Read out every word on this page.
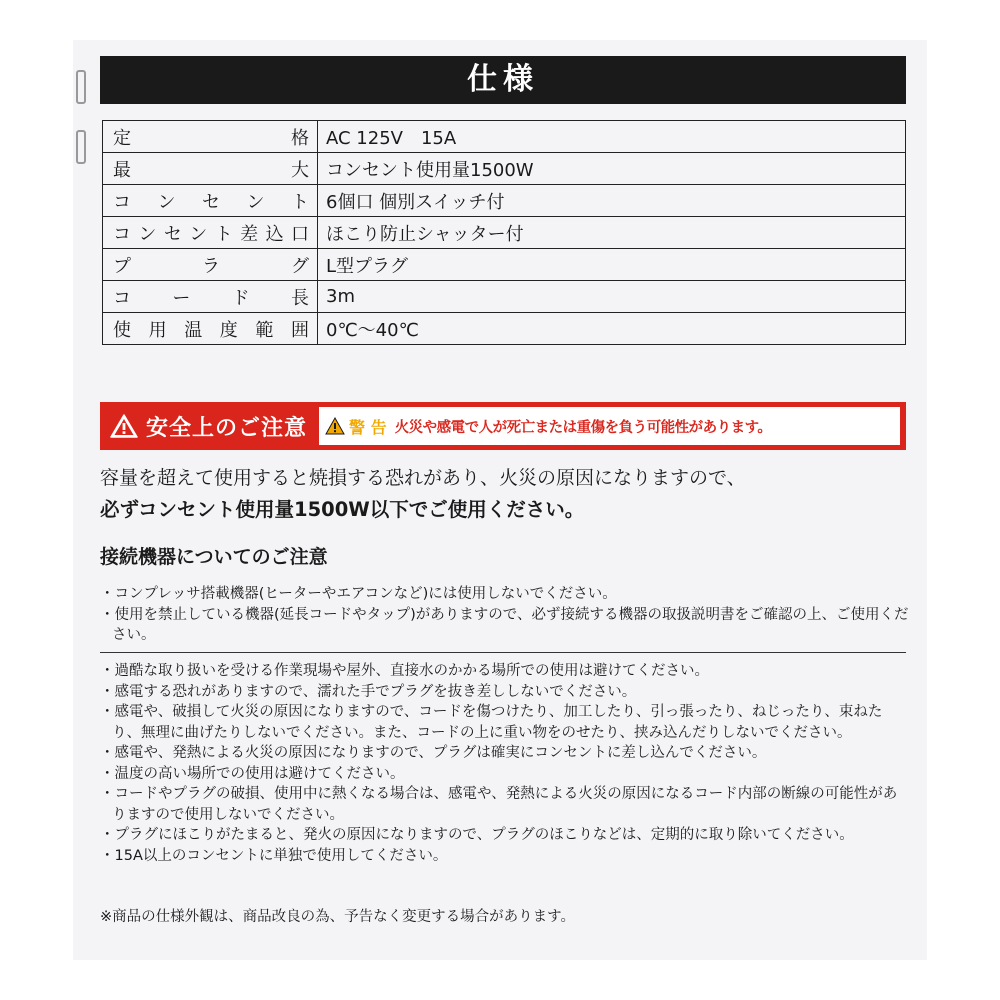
仕様
定　　　　　　　格	AC 125V　15A
最　　　　　　　大	コンセント使用量1500W
コンセント	6個口 個別スイッチ付
コンセント差込口	ほこり防止シャッター付
プラグ	L型プラグ
コード長	3m
使用温度範囲	0℃〜40℃
安全上のご注意	警 告 火災や感電で人が死亡または重傷を負う可能性があります。
容量を超えて使用すると焼損する恐れがあり、火災の原因になりますので、
必ずコンセント使用量1500W以下でご使用ください。
接続機器についてのご注意
・コンプレッサ搭載機器(ヒーターやエアコンなど)には使用しないでください。
・使用を禁止している機器(延長コードやタップ)がありますので、必ず接続する機器の取扱説明書をご確認の上、ご使用ください。
・過酷な取り扱いを受ける作業現場や屋外、直接水のかかる場所での使用は避けてください。
・感電する恐れがありますので、濡れた手でプラグを抜き差ししないでください。
・感電や、破損して火災の原因になりますので、コードを傷つけたり、加工したり、引っ張ったり、ねじったり、束ねたり、無理に曲げたりしないでください。また、コードの上に重い物をのせたり、挟み込んだりしないでください。
・感電や、発熱による火災の原因になりますので、プラグは確実にコンセントに差し込んでください。
・温度の高い場所での使用は避けてください。
・コードやプラグの破損、使用中に熱くなる場合は、感電や、発熱による火災の原因になるコード内部の断線の可能性がありますので使用しないでください。
・プラグにほこりがたまると、発火の原因になりますので、プラグのほこりなどは、定期的に取り除いてください。
・15A以上のコンセントに単独で使用してください。
※商品の仕様外観は、商品改良の為、予告なく変更する場合があります。
